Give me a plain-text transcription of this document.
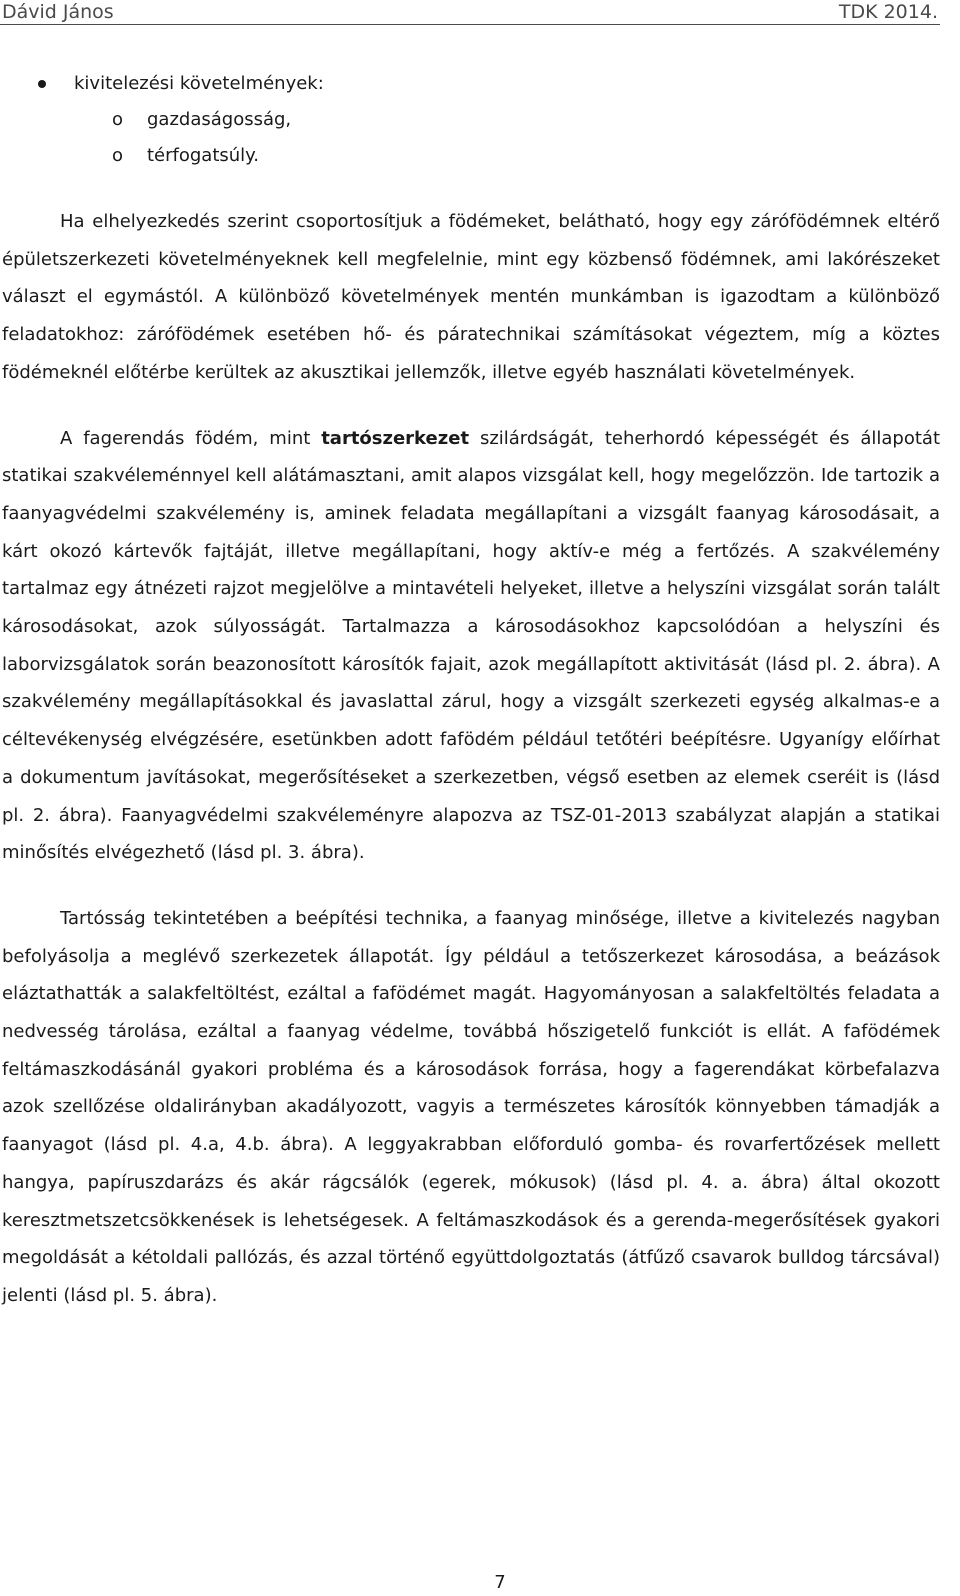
Dávid János	TDK 2014.
kivitelezési követelmények:
o gazdaságosság,
o térfogatsúly.

Ha elhelyezkedés szerint csoportosítjuk a födémeket, belátható, hogy egy zárófödémnek eltérő épületszerkezeti követelményeknek kell megfelelnie, mint egy közbenső födémnek, ami lakórészeket választ el egymástól. A különböző követelmények mentén munkámban is igazodtam a különböző feladatokhoz: zárófödémek esetében hő- és páratechnikai számításokat végeztem, míg a köztes födémeknél előtérbe kerültek az akusztikai jellemzők, illetve egyéb használati követelmények.

A fagerendás födém, mint tartószerkezet szilárdságát, teherhordó képességét és állapotát statikai szakvéleménnyel kell alátámasztani, amit alapos vizsgálat kell, hogy megelőzzön. Ide tartozik a faanyagvédelmi szakvélemény is, aminek feladata megállapítani a vizsgált faanyag károsodásait, a kárt okozó kártevők fajtáját, illetve megállapítani, hogy aktív-e még a fertőzés. A szakvélemény tartalmaz egy átnézeti rajzot megjelölve a mintavételi helyeket, illetve a helyszíni vizsgálat során talált károsodásokat, azok súlyosságát. Tartalmazza a károsodásokhoz kapcsolódóan a helyszíni és laborvizsgálatok során beazonosított károsítók fajait, azok megállapított aktivitását (lásd pl. 2. ábra). A szakvélemény megállapításokkal és javaslattal zárul, hogy a vizsgált szerkezeti egység alkalmas-e a céltevékenység elvégzésére, esetünkben adott fafödém például tetőtéri beépítésre. Ugyanígy előírhat a dokumentum javításokat, megerősítéseket a szerkezetben, végső esetben az elemek cseréit is (lásd pl. 2. ábra). Faanyagvédelmi szakvéleményre alapozva az TSZ-01-2013 szabályzat alapján a statikai minősítés elvégezhető (lásd pl. 3. ábra).

Tartósság tekintetében a beépítési technika, a faanyag minősége, illetve a kivitelezés nagyban befolyásolja a meglévő szerkezetek állapotát. Így például a tetőszerkezet károsodása, a beázások eláztathatták a salakfeltöltést, ezáltal a fafödémet magát. Hagyományosan a salakfeltöltés feladata a nedvesség tárolása, ezáltal a faanyag védelme, továbbá hőszigetelő funkciót is ellát. A fafödémek feltámaszkodásánál gyakori probléma és a károsodások forrása, hogy a fagerendákat körbefalazva azok szellőzése oldalirányban akadályozott, vagyis a természetes károsítók könnyebben támadják a faanyagot (lásd pl. 4.a, 4.b. ábra). A leggyakrabban előforduló gomba- és rovarfertőzések mellett hangya, papíruszdarázs és akár rágcsálók (egerek, mókusok) (lásd pl. 4. a. ábra) által okozott keresztmetszetcsökkenések is lehetségesek. A feltámaszkodások és a gerenda-megerősítések gyakori megoldását a kétoldali pallózás, és azzal történő együttdolgoztatás (átfűző csavarok bulldog tárcsával) jelenti (lásd pl. 5. ábra).

7
